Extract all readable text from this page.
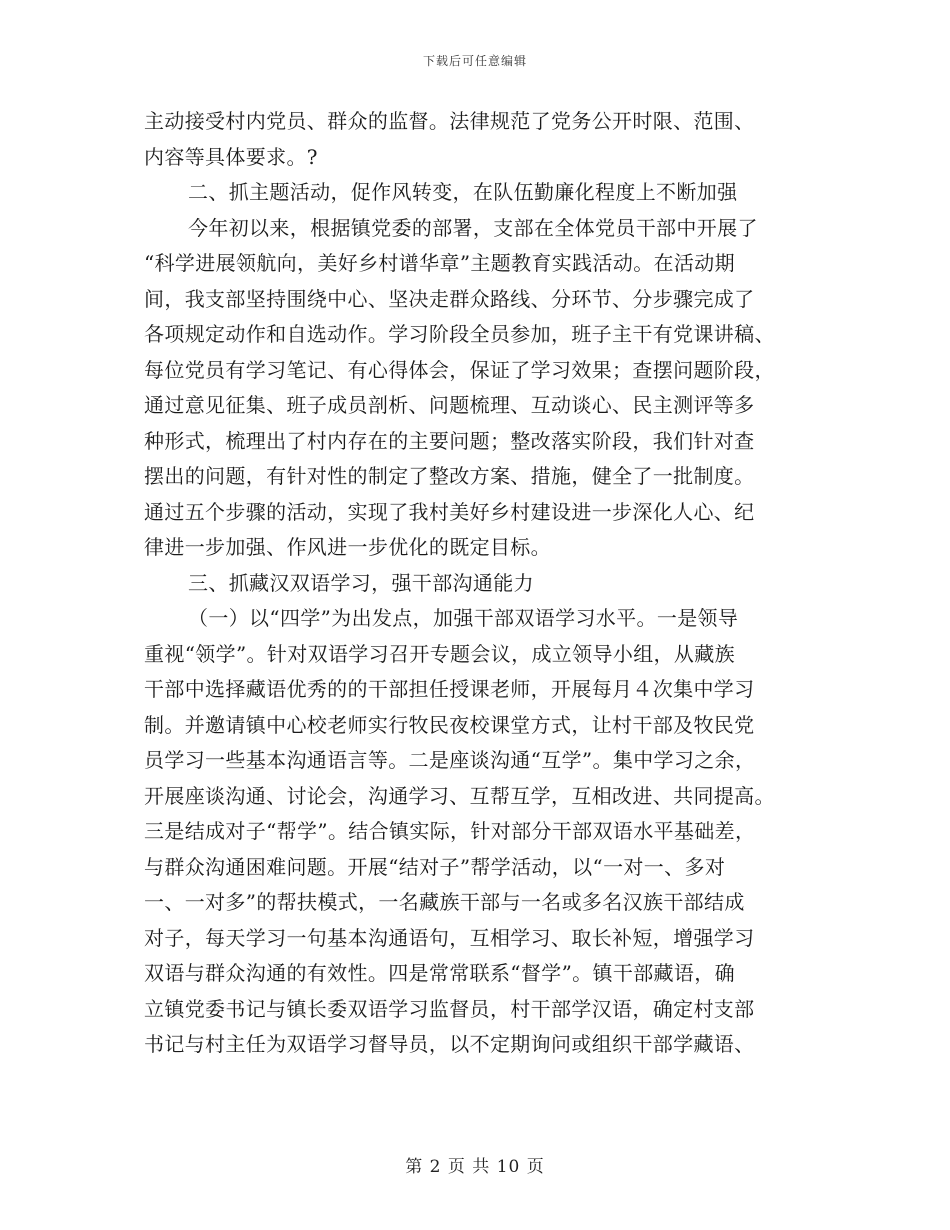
下载后可任意编辑
主动接受村内党员、群众的监督。法律规范了党务公开时限、范围、
内容等具体要求。?
二、抓主题活动，促作风转变，在队伍勤廉化程度上不断加强
今年初以来，根据镇党委的部署，支部在全体党员干部中开展了
“科学进展领航向，美好乡村谱华章”主题教育实践活动。在活动期
间，我支部坚持围绕中心、坚决走群众路线、分环节、分步骤完成了
各项规定动作和自选动作。学习阶段全员参加，班子主干有党课讲稿、
每位党员有学习笔记、有心得体会，保证了学习效果；查摆问题阶段，
通过意见征集、班子成员剖析、问题梳理、互动谈心、民主测评等多
种形式，梳理出了村内存在的主要问题；整改落实阶段，我们针对查
摆出的问题，有针对性的制定了整改方案、措施，健全了一批制度。
通过五个步骤的活动，实现了我村美好乡村建设进一步深化人心、纪
律进一步加强、作风进一步优化的既定目标。
三、抓藏汉双语学习，强干部沟通能力
（一）以“四学”为出发点，加强干部双语学习水平。一是领导
重视“领学”。针对双语学习召开专题会议，成立领导小组，从藏族
干部中选择藏语优秀的的干部担任授课老师，开展每月４次集中学习
制。并邀请镇中心校老师实行牧民夜校课堂方式，让村干部及牧民党
员学习一些基本沟通语言等。二是座谈沟通“互学”。集中学习之余，
开展座谈沟通、讨论会，沟通学习、互帮互学，互相改进、共同提高。
三是结成对子“帮学”。结合镇实际，针对部分干部双语水平基础差，
与群众沟通困难问题。开展“结对子”帮学活动，以“一对一、多对
一、一对多”的帮扶模式，一名藏族干部与一名或多名汉族干部结成
对子，每天学习一句基本沟通语句，互相学习、取长补短，增强学习
双语与群众沟通的有效性。四是常常联系“督学”。镇干部藏语，确
立镇党委书记与镇长委双语学习监督员，村干部学汉语，确定村支部
书记与村主任为双语学习督导员，以不定期询问或组织干部学藏语、
第 2 页 共 10 页
